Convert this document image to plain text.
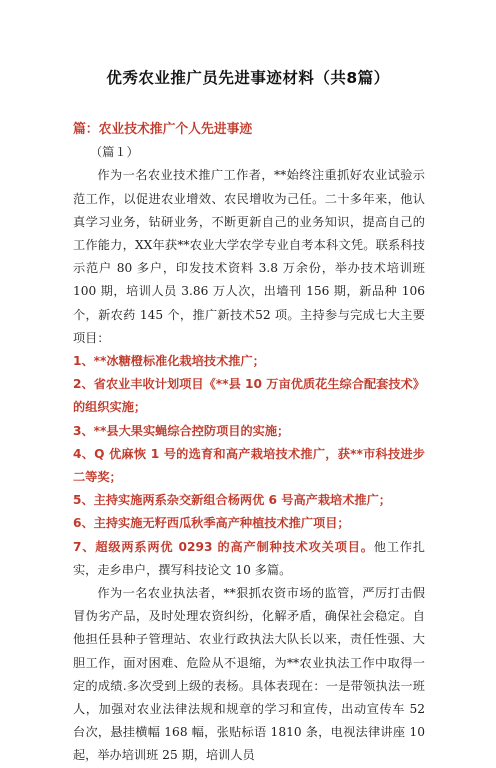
优秀农业推广员先进事迹材料（共8篇）
篇：农业技术推广个人先进事迹
（篇１）

作为一名农业技术推广工作者，**始终注重抓好农业试验示范工作，以促进农业增效、农民增收为己任。二十多年来，他认真学习业务，钻研业务，不断更新自己的业务知识，提高自己的工作能力，XX年获**农业大学农学专业自考本科文凭。联系科技示范户 80 多户，印发技术资料 3.8 万余份，举办技术培训班 100 期，培训人员 3.86 万人次，出墙刊 156 期，新品种 106 个，新农药 145 个，推广新技术52 项。主持参与完成七大主要项目：

1、**冰糖橙标准化栽培技术推广；

2、省农业丰收计划项目《**县 10 万亩优质花生综合配套技术》的组织实施；

3、**县大果实蝇综合控防项目的实施；

4、Q 优麻恢 1 号的选育和高产栽培技术推广，获**市科技进步二等奖；

5、主持实施两系杂交新组合杨两优 6 号高产栽培术推广；

6、主持实施无籽西瓜秋季高产种植技术推广项目；

7、超级两系两优 0293 的高产制种技术攻关项目。他工作扎实，走乡串户，撰写科技论文 10 多篇。

作为一名农业执法者，**狠抓农资市场的监管，严厉打击假冒伪劣产品，及时处理农资纠纷，化解矛盾，确保社会稳定。自他担任县种子管理站、农业行政执法大队长以来，责任性强、大胆工作，面对困难、危险从不退缩，为**农业执法工作中取得一定的成绩.多次受到上级的表杨。具体表现在：一是带领执法一班人，加强对农业法律法规和规章的学习和宣传，出动宣传车 52 台次，悬挂横幅 168 幅，张贴标语 1810 条，电视法律讲座 10 起，举办培训班 25 期，培训人员
